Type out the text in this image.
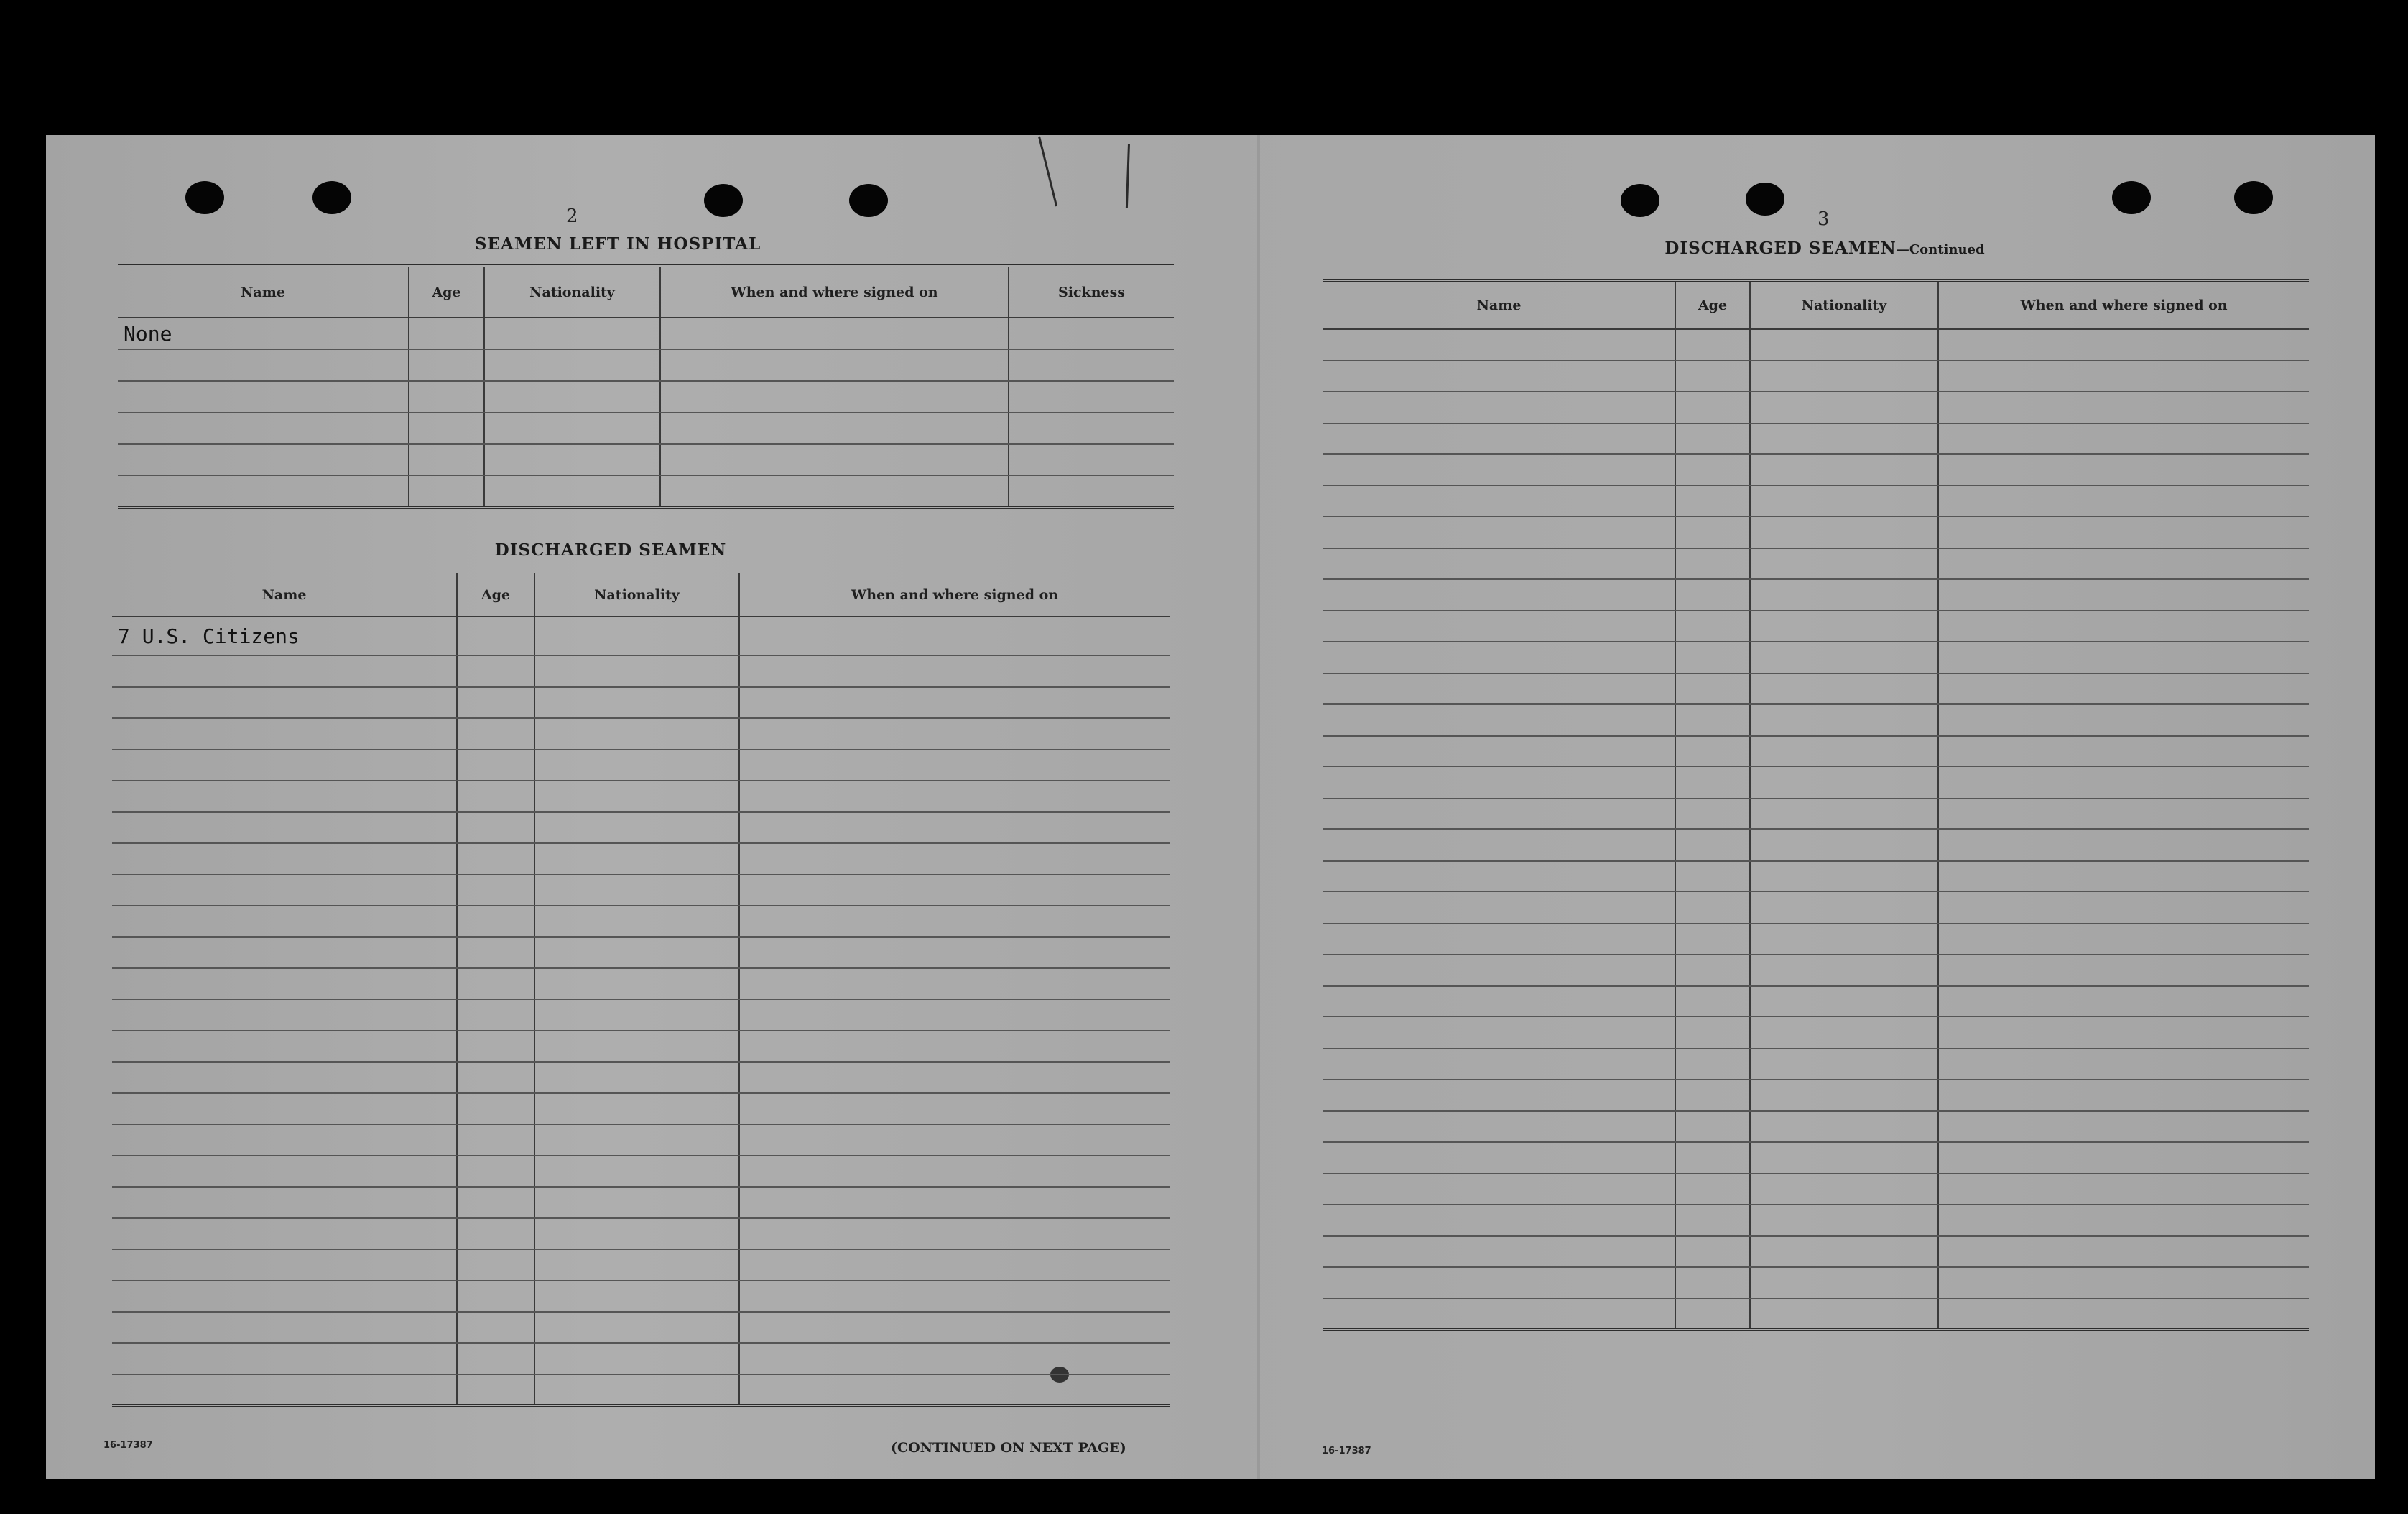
2
SEAMEN LEFT IN HOSPITAL
Name	Age	Nationality	When and where signed on	Sickness
None				

DISCHARGED SEAMEN
Name	Age	Nationality	When and where signed on
7 U.S. Citizens			

16-17387	(CONTINUED ON NEXT PAGE)
3
DISCHARGED SEAMEN—Continued
Name	Age	Nationality	When and where signed on

16-17387
